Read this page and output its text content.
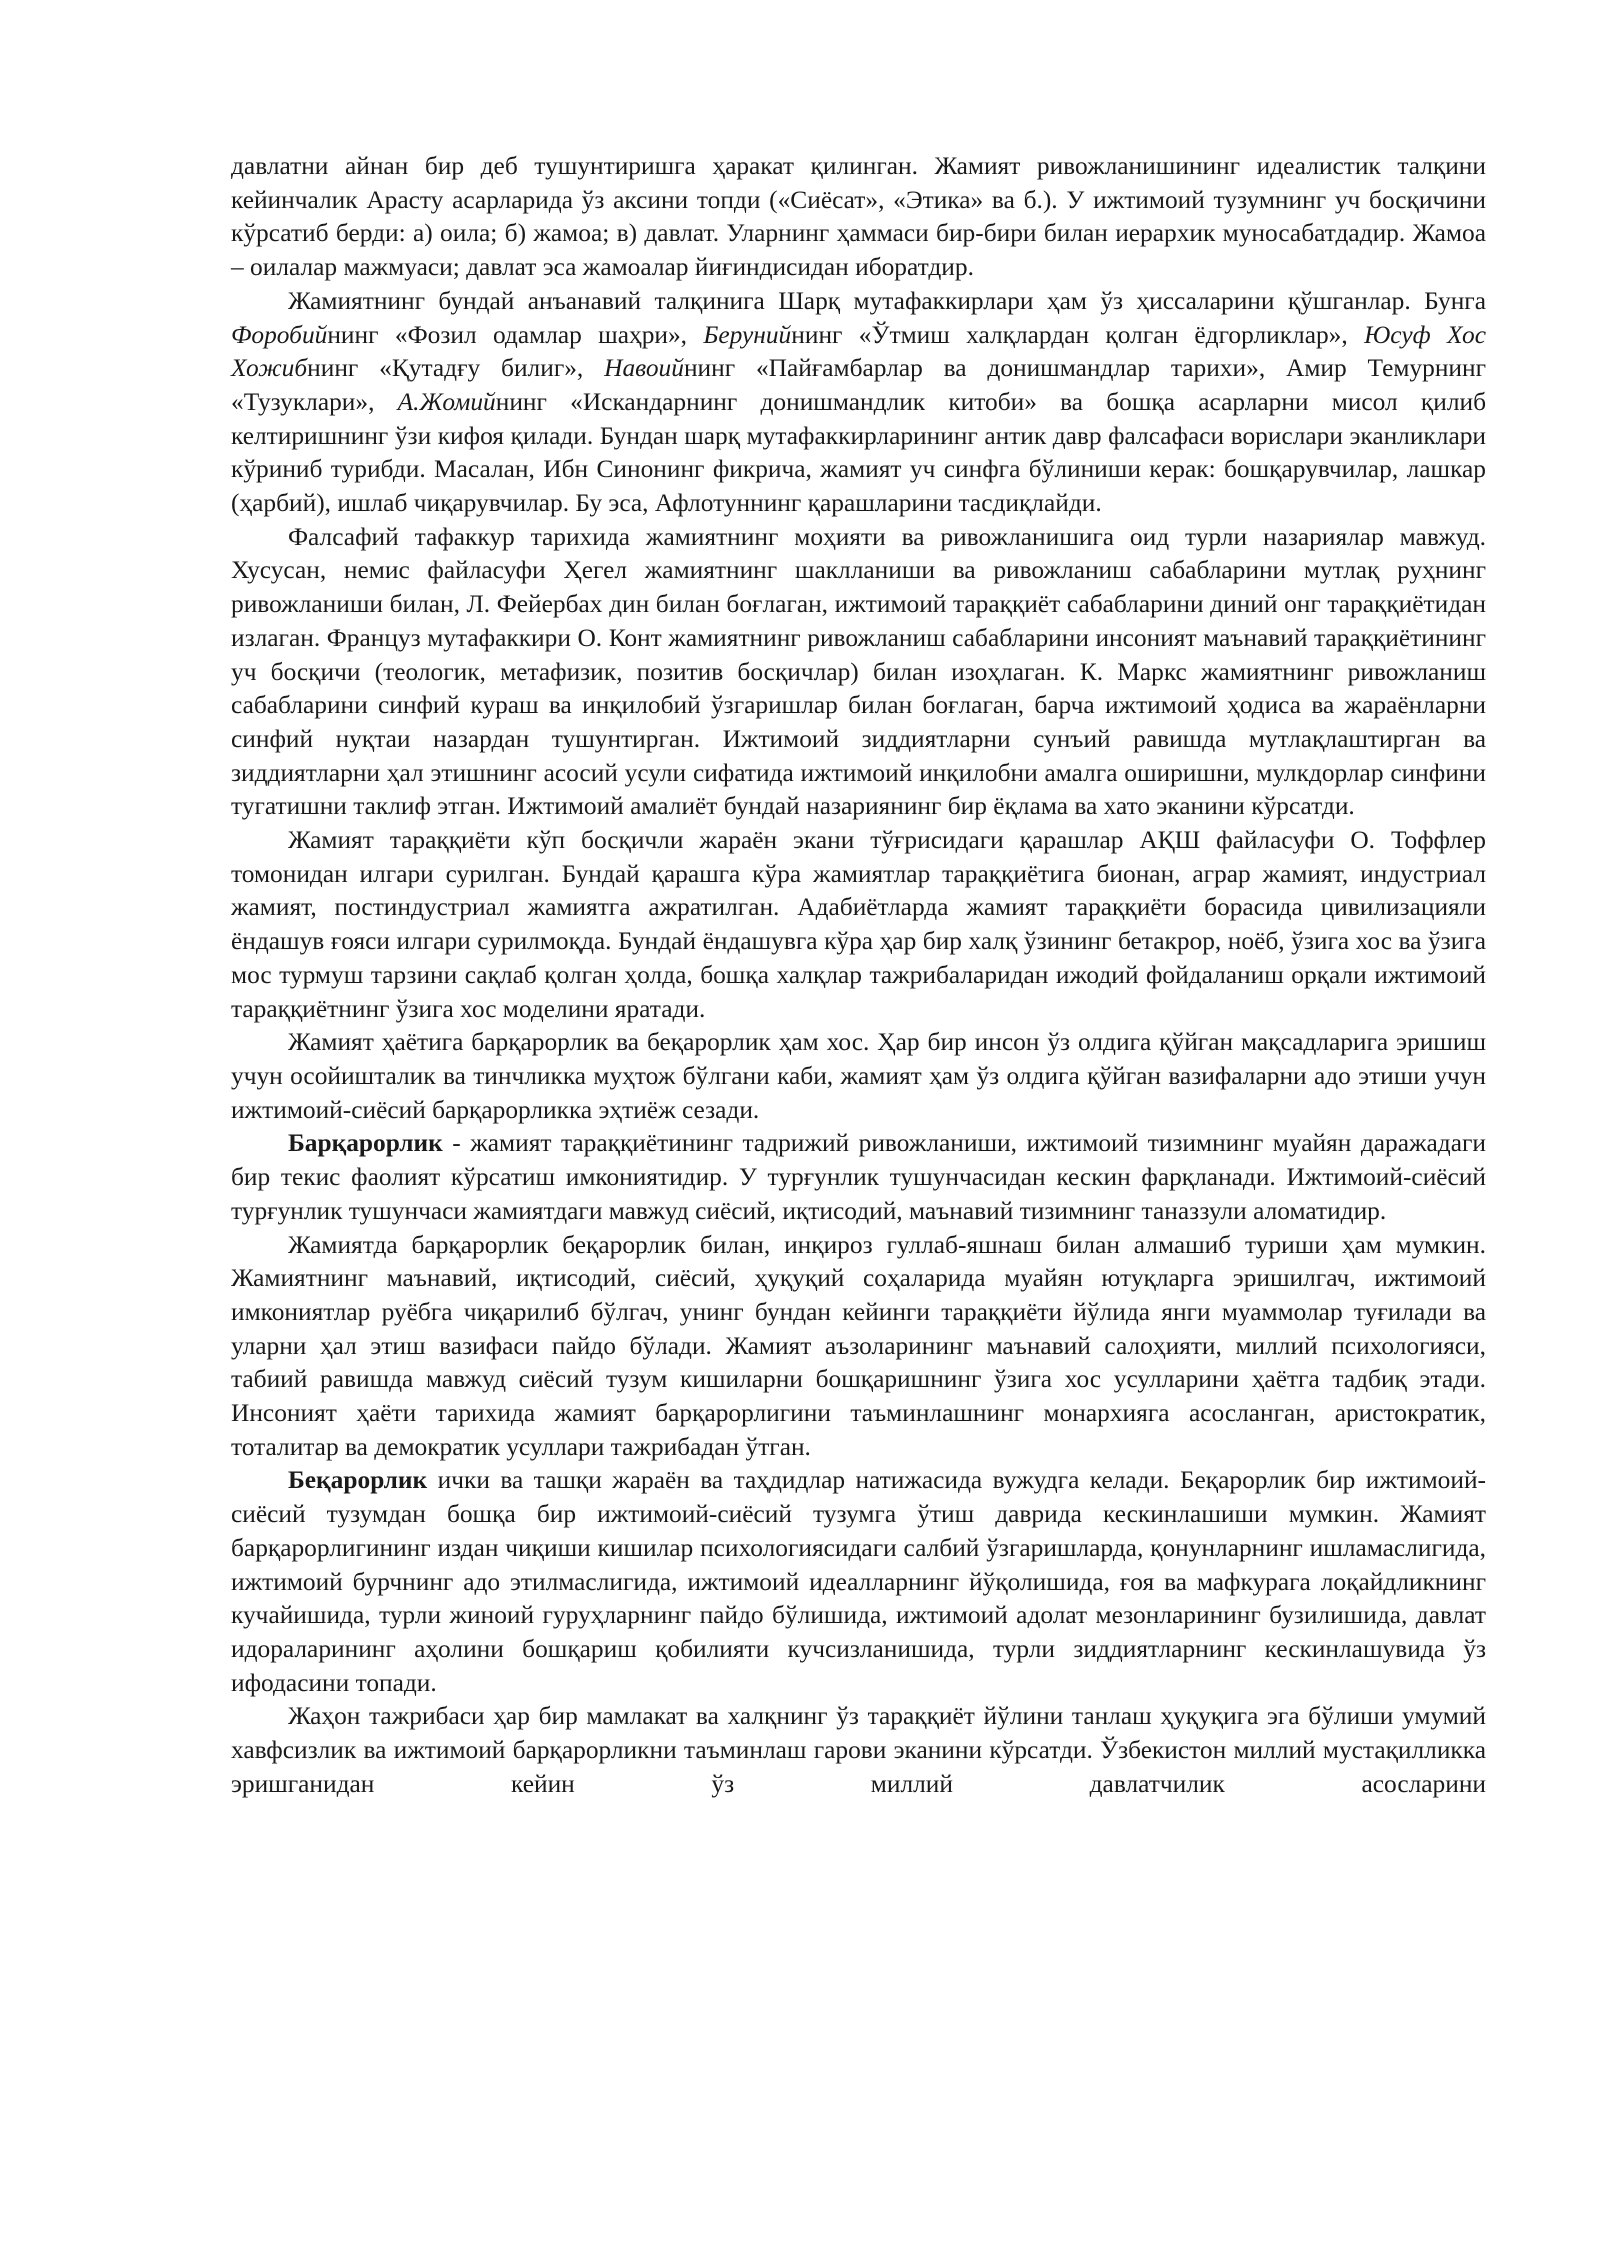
давлатни айнан бир деб тушунтиришга ҳаракат қилинган. Жамият ривожланишининг идеалистик талқини кейинчалик Арасту асарларида ўз аксини топди («Сиёсат», «Этика» ва б.). У ижтимоий тузумнинг уч босқичини кўрсатиб берди: а) оила; б) жамоа; в) давлат. Уларнинг ҳаммаси бир-бири билан иерархик муносабатдадир. Жамоа – оилалар мажмуаси; давлат эса жамоалар йиғиндисидан иборатдир.

Жамиятнинг бундай анъанавий талқинига Шарқ мутафаккирлари ҳам ўз ҳиссаларини қўшганлар. Бунга Форобийнинг «Фозил одамлар шаҳри», Берунийнинг «Ўтмиш халқлардан қолган ёдгорликлар», Юсуф Хос Хожибнинг «Қутадғу билиг», Навоийнинг «Пайғамбарлар ва донишмандлар тарихи», Амир Темурнинг «Тузуклари», А.Жомийнинг «Искандарнинг донишмандлик китоби» ва бошқа асарларни мисол қилиб келтиришнинг ўзи кифоя қилади. Бундан шарқ мутафаккирларининг антик давр фалсафаси ворислари эканликлари кўриниб турибди. Масалан, Ибн Синонинг фикрича, жамият уч синфга бўлиниши керак: бошқарувчилар, лашкар (ҳарбий), ишлаб чиқарувчилар. Бу эса, Афлотуннинг қарашларини тасдиқлайди.

Фалсафий тафаккур тарихида жамиятнинг моҳияти ва ривожланишига оид турли назариялар мавжуд. Хусусан, немис файласуфи Ҳегел жамиятнинг шаклланиши ва ривожланиш сабабларини мутлақ руҳнинг ривожланиши билан, Л. Фейербах дин билан боғлаган, ижтимоий тараққиёт сабабларини диний онг тараққиётидан излаган. Француз мутафаккири О. Конт жамиятнинг ривожланиш сабабларини инсоният маънавий тараққиётининг уч босқичи (теологик, метафизик, позитив босқичлар) билан изоҳлаган. К. Маркс жамиятнинг ривожланиш сабабларини синфий кураш ва инқилобий ўзгаришлар билан боғлаган, барча ижтимоий ҳодиса ва жараёнларни синфий нуқтаи назардан тушунтирган. Ижтимоий зиддиятларни сунъий равишда мутлақлаштирган ва зиддиятларни ҳал этишнинг асосий усули сифатида ижтимоий инқилобни амалга оширишни, мулкдорлар синфини тугатишни таклиф этган. Ижтимоий амалиёт бундай назариянинг бир ёқлама ва хато эканини кўрсатди.

Жамият тараққиёти кўп босқичли жараён экани тўғрисидаги қарашлар АҚШ файласуфи О. Тоффлер томонидан илгари сурилган. Бундай қарашга кўра жамиятлар тараққиётига бионан, аграр жамият, индустриал жамият, постиндустриал жамиятга ажратилган. Адабиётларда жамият тараққиёти борасида цивилизацияли ёндашув ғояси илгари сурилмоқда. Бундай ёндашувга кўра ҳар бир халқ ўзининг бетакрор, ноёб, ўзига хос ва ўзига мос турмуш тарзини сақлаб қолган ҳолда, бошқа халқлар тажрибаларидан ижодий фойдаланиш орқали ижтимоий тараққиётнинг ўзига хос моделини яратади.

Жамият ҳаётига барқарорлик ва беқарорлик ҳам хос. Ҳар бир инсон ўз олдига қўйган мақсадларига эришиш учун осойишталик ва тинчликка муҳтож бўлгани каби, жамият ҳам ўз олдига қўйган вазифаларни адо этиши учун ижтимоий-сиёсий барқарорликка эҳтиёж сезади.

Барқарорлик - жамият тараққиётининг тадрижий ривожланиши, ижтимоий тизимнинг муайян даражадаги бир текис фаолият кўрсатиш имкониятидир. У турғунлик тушунчасидан кескин фарқланади. Ижтимоий-сиёсий турғунлик тушунчаси жамиятдаги мавжуд сиёсий, иқтисодий, маънавий тизимнинг таназзули аломатидир.

Жамиятда барқарорлик беқарорлик билан, инқироз гуллаб-яшнаш билан алмашиб туриши ҳам мумкин. Жамиятнинг маънавий, иқтисодий, сиёсий, ҳуқуқий соҳаларида муайян ютуқларга эришилгач, ижтимоий имкониятлар руёбга чиқарилиб бўлгач, унинг бундан кейинги тараққиёти йўлида янги муаммолар туғилади ва уларни ҳал этиш вазифаси пайдо бўлади. Жамият аъзоларининг маънавий салоҳияти, миллий психологияси, табиий равишда мавжуд сиёсий тузум кишиларни бошқаришнинг ўзига хос усулларини ҳаётга тадбиқ этади. Инсоният ҳаёти тарихида жамият барқарорлигини таъминлашнинг монархияга асосланган, аристократик, тоталитар ва демократик усуллари тажрибадан ўтган.

Беқарорлик ички ва ташқи жараён ва таҳдидлар натижасида вужудга келади. Беқарорлик бир ижтимоий-сиёсий тузумдан бошқа бир ижтимоий-сиёсий тузумга ўтиш даврида кескинлашиши мумкин. Жамият барқарорлигининг издан чиқиши кишилар психологиясидаги салбий ўзгаришларда, қонунларнинг ишламаслигида, ижтимоий бурчнинг адо этилмаслигида, ижтимоий идеалларнинг йўқолишида, ғоя ва мафкурага лоқайдликнинг кучайишида, турли жиноий гуруҳларнинг пайдо бўлишида, ижтимоий адолат мезонларининг бузилишида, давлат идораларининг аҳолини бошқариш қобилияти кучсизланишида, турли зиддиятларнинг кескинлашувида ўз ифодасини топади.

Жаҳон тажрибаси ҳар бир мамлакат ва халқнинг ўз тараққиёт йўлини танлаш ҳуқуқига эга бўлиши умумий хавфсизлик ва ижтимоий барқарорликни таъминлаш гарови эканини кўрсатди. Ўзбекистон миллий мустақилликка эришганидан кейин ўз миллий давлатчилик асосларини
